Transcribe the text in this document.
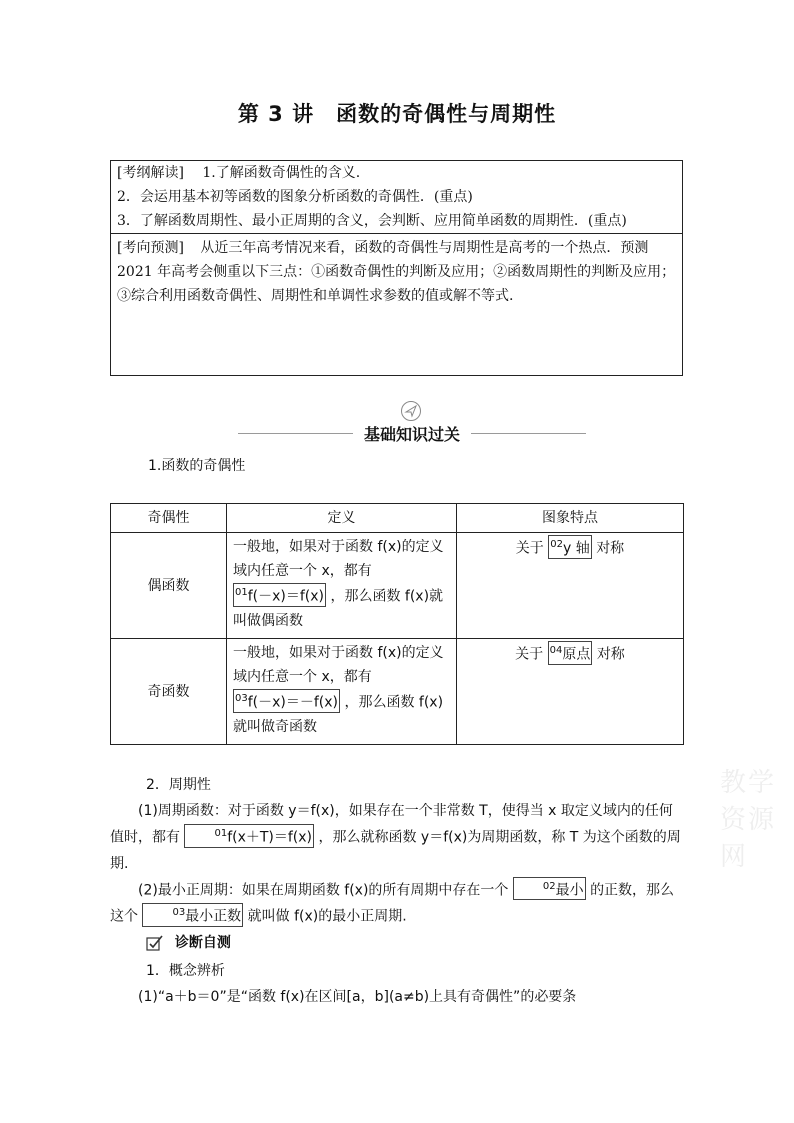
第 3 讲　函数的奇偶性与周期性
[考纲解读] 1.了解函数奇偶性的含义.
2．会运用基本初等函数的图象分析函数的奇偶性．(重点)
3．了解函数周期性、最小正周期的含义，会判断、应用简单函数的周期性．(重点)
[考向预测] 从近三年高考情况来看，函数的奇偶性与周期性是高考的一个热点．预测 2021 年高考会侧重以下三点：①函数奇偶性的判断及应用；②函数周期性的判断及应用；③综合利用函数奇偶性、周期性和单调性求参数的值或解不等式.
基础知识过关
1.函数的奇偶性
奇偶性	定义	图象特点
偶函数	一般地，如果对于函数 f(x)的定义域内任意一个 x，都有 $^{01}$f(－x)＝f(x) ，那么函数 f(x)就叫做偶函数	关于 $^{02}$y 轴 对称
奇函数	一般地，如果对于函数 f(x)的定义域内任意一个 x，都有 $^{03}$f(－x)＝－f(x) ，那么函数 f(x)就叫做奇函数	关于 $^{04}$原点 对称
教学资源网
2．周期性
(1)周期函数：对于函数 y＝f(x)，如果存在一个非常数 T，使得当 x 取定义域内的任何值时，都有	$^{01}$f(x＋T)＝f(x) ，那么就称函数 y＝f(x)为周期函数，称 T 为这个函数的周期.
(2)最小正周期：如果在周期函数 f(x)的所有周期中存在一个	$^{02}$最小 的正数，那么这个	$^{03}$最小正数 就叫做 f(x)的最小正周期.
诊断自测
1．概念辨析
(1)“a＋b＝0”是“函数 f(x)在区间[a，b](a≠b)上具有奇偶性”的必要条
